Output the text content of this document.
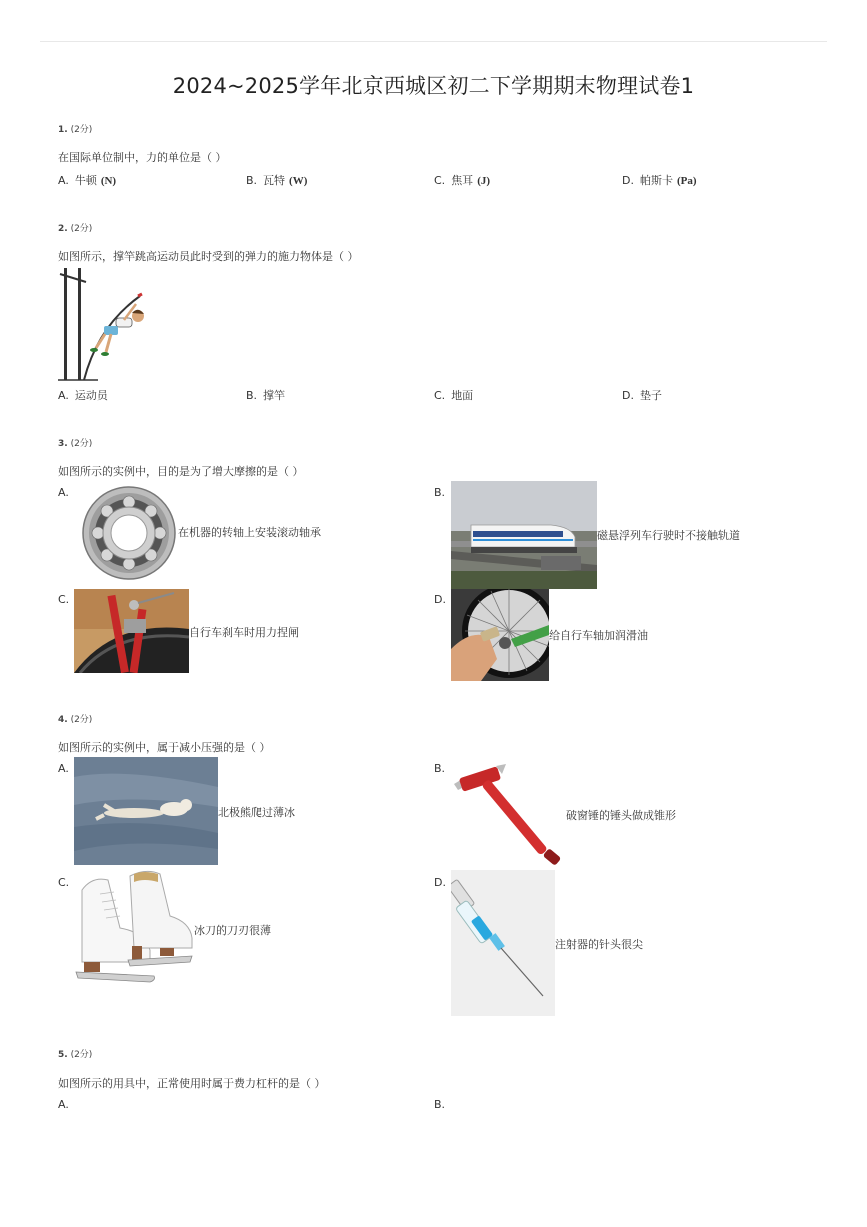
2024~2025学年北京西城区初二下学期期末物理试卷1
1. (2分)
在国际单位制中，力的单位是（ ）
A. 牛顿 (N)	B. 瓦特 (W)	C. 焦耳 (J)	D. 帕斯卡 (Pa)
2. (2分)
如图所示，撑竿跳高运动员此时受到的弹力的施力物体是（ ）
A. 运动员	B. 撑竿	C. 地面	D. 垫子
3. (2分)
如图所示的实例中，目的是为了增大摩擦的是（ ）
A.
在机器的转轴上安装滚动轴承
B.
磁悬浮列车行驶时不接触轨道
C.
自行车刹车时用力捏闸
D.
给自行车轴加润滑油
4. (2分)
如图所示的实例中，属于减小压强的是（ ）
A.
北极熊爬过薄冰
B.
破窗锤的锤头做成锥形
C.
冰刀的刀刃很薄
D.
注射器的针头很尖
5. (2分)
如图所示的用具中，正常使用时属于费力杠杆的是（ ）
A.	B.
